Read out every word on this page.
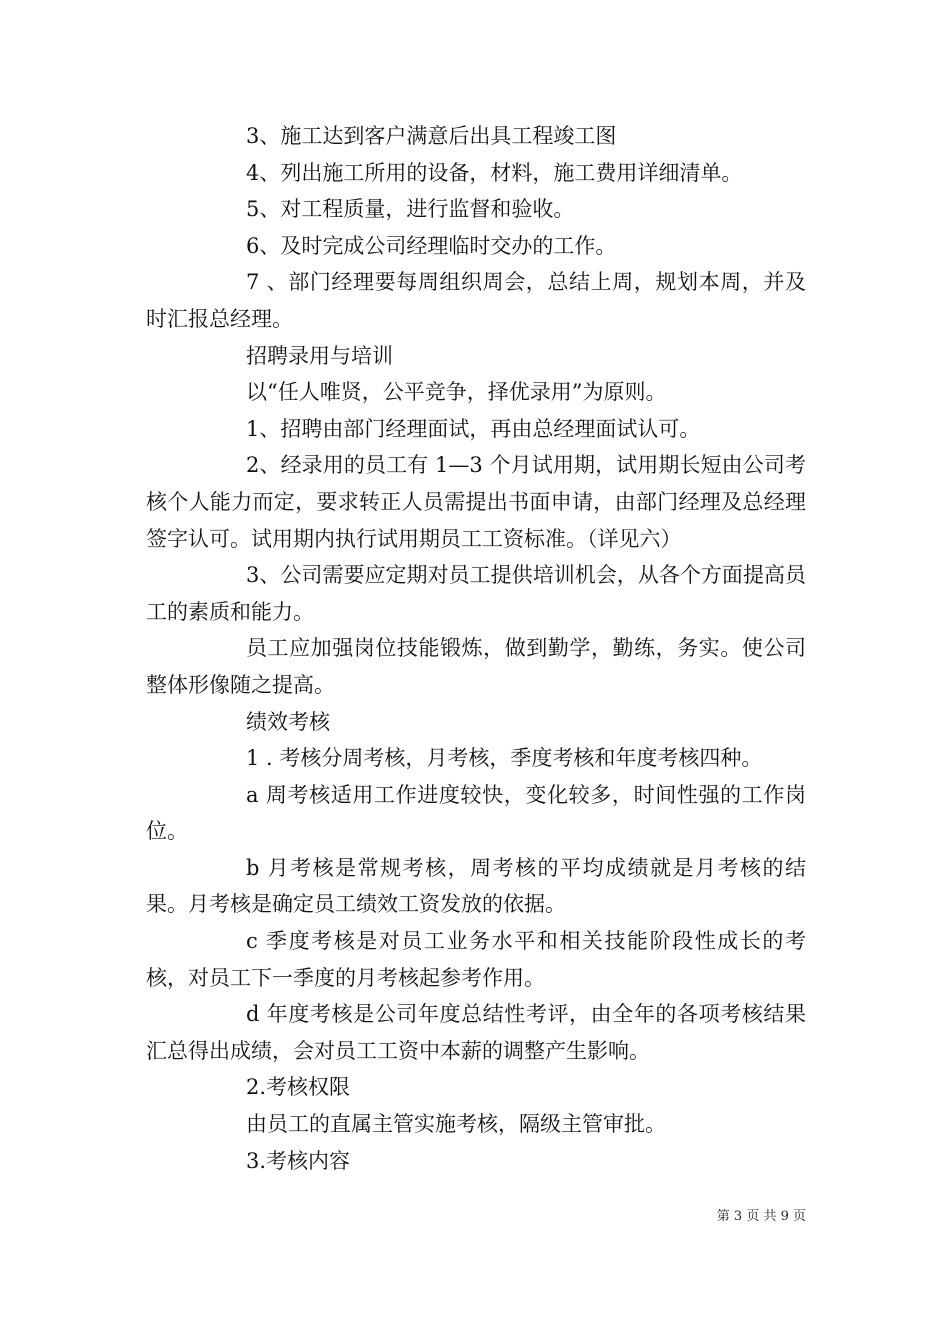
3、施工达到客户满意后出具工程竣工图

4、列出施工所用的设备，材料，施工费用详细清单。

5、对工程质量，进行监督和验收。

6、及时完成公司经理临时交办的工作。

7 、部门经理要每周组织周会，总结上周，规划本周，并及时汇报总经理。

招聘录用与培训

以“任人唯贤，公平竞争，择优录用”为原则。

1、招聘由部门经理面试，再由总经理面试认可。

2、经录用的员工有 1—3 个月试用期，试用期长短由公司考核个人能力而定，要求转正人员需提出书面申请，由部门经理及总经理签字认可。试用期内执行试用期员工工资标准。（详见六）

3、公司需要应定期对员工提供培训机会，从各个方面提高员工的素质和能力。

员工应加强岗位技能锻炼，做到勤学，勤练，务实。使公司整体形像随之提高。

绩效考核

1 . 考核分周考核，月考核，季度考核和年度考核四种。

a 周考核适用工作进度较快，变化较多，时间性强的工作岗位。

b 月考核是常规考核，周考核的平均成绩就是月考核的结果。月考核是确定员工绩效工资发放的依据。

c 季度考核是对员工业务水平和相关技能阶段性成长的考核，对员工下一季度的月考核起参考作用。

d 年度考核是公司年度总结性考评，由全年的各项考核结果汇总得出成绩，会对员工工资中本薪的调整产生影响。

2.考核权限

由员工的直属主管实施考核，隔级主管审批。

3.考核内容

第 3 页 共 9 页
